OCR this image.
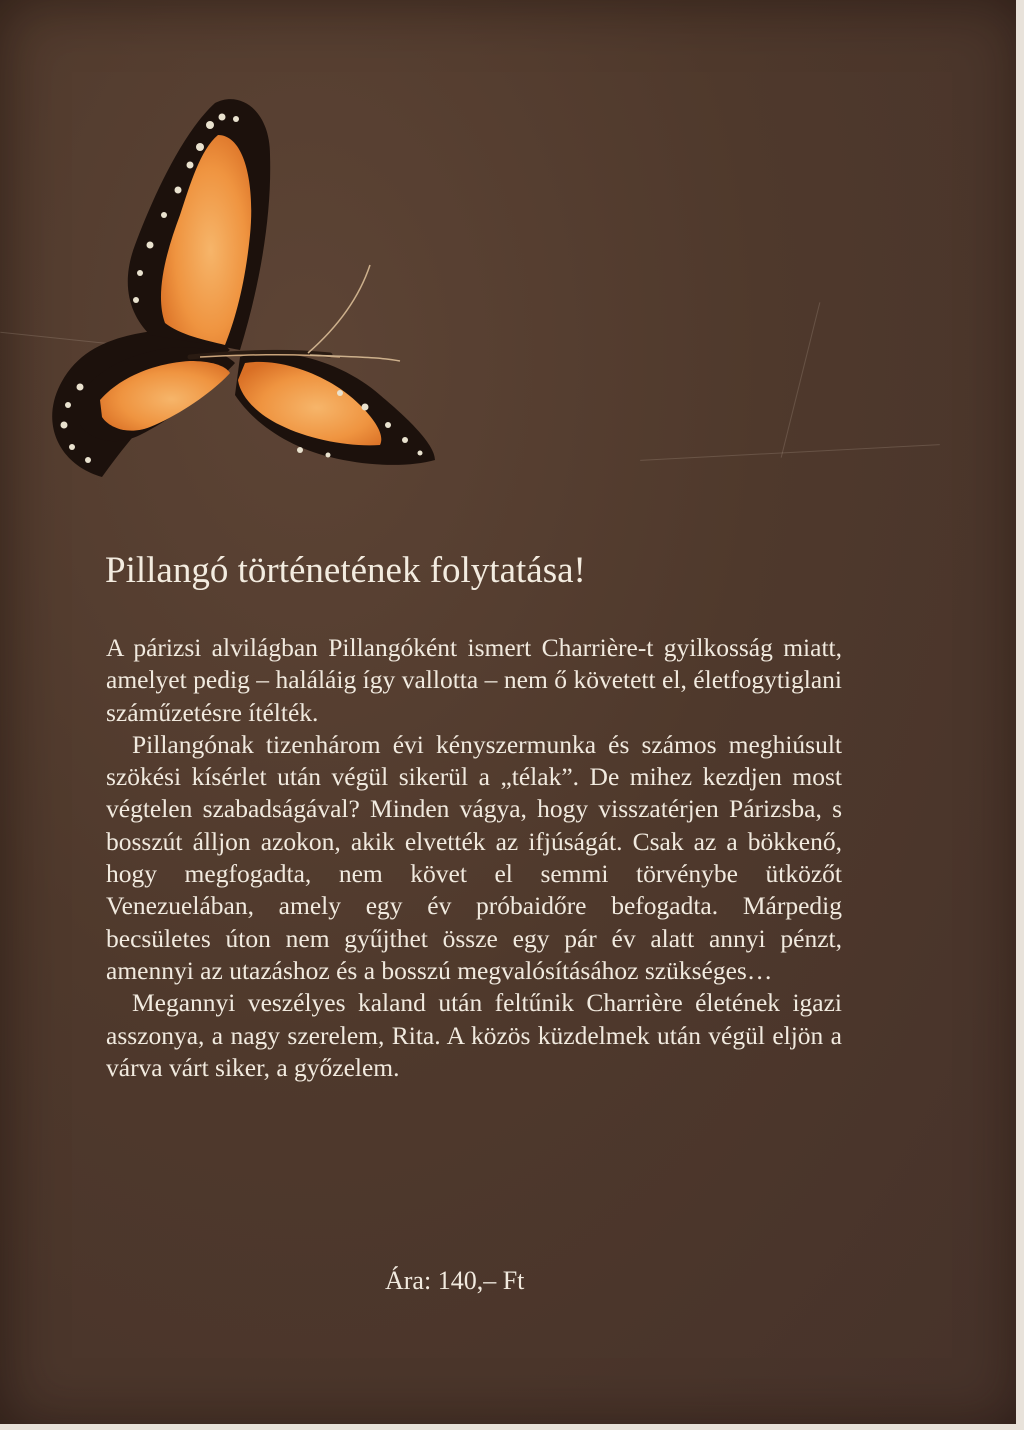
Pillangó történetének folytatása!

A párizsi alvilágban Pillangóként ismert Charrière-t gyilkosság miatt, amelyet pedig – haláláig így vallotta – nem ő követett el, életfogytiglani száműzetésre ítélték.

Pillangónak tizenhárom évi kényszermunka és számos meghiúsult szökési kísérlet után végül sikerül a „télak”. De mihez kezdjen most végtelen szabadságával? Minden vágya, hogy visszatérjen Párizsba, s bosszút álljon azokon, akik elvették az ifjúságát. Csak az a bökkenő, hogy megfogadta, nem követ el semmi törvénybe ütközőt Venezuelában, amely egy év próbaidőre befogadta. Márpedig becsületes úton nem gyűjthet össze egy pár év alatt annyi pénzt, amennyi az utazáshoz és a bosszú megvalósításához szükséges…

Megannyi veszélyes kaland után feltűnik Charrière életének igazi asszonya, a nagy szerelem, Rita. A közös küzdelmek után végül eljön a várva várt siker, a győzelem.

Ára: 140,– Ft
